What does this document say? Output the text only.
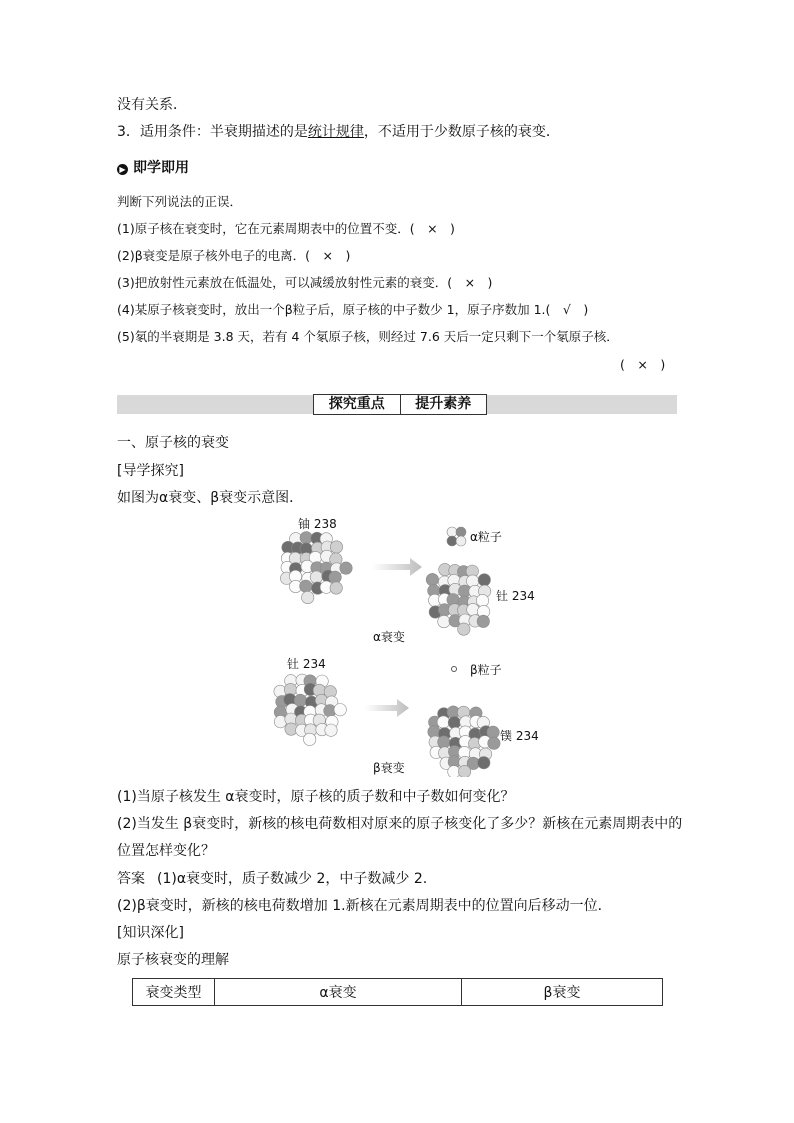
没有关系．
3．适用条件：半衰期描述的是统计规律，不适用于少数原子核的衰变．
▶ 即学即用
判断下列说法的正误．
(1)原子核在衰变时，它在元素周期表中的位置不变．(　×　)
(2)β衰变是原子核外电子的电离．(　×　)
(3)把放射性元素放在低温处，可以减缓放射性元素的衰变．(　×　)
(4)某原子核衰变时，放出一个β粒子后，原子核的中子数少 1，原子序数加 1.(　√　)
(5)氡的半衰期是 3.8 天，若有 4 个氡原子核，则经过 7.6 天后一定只剩下一个氡原子核．
(　×　)
探究重点	提升素养
一、原子核的衰变
[导学探究]
如图为α衰变、β衰变示意图．
铀 238
α粒子
钍 234
α衰变
钍 234	β粒子
镤 234
β衰变
(1)当原子核发生 α衰变时，原子核的质子数和中子数如何变化？
(2)当发生 β衰变时，新核的核电荷数相对原来的原子核变化了多少？新核在元素周期表中的
位置怎样变化？
答案 (1)α衰变时，质子数减少 2，中子数减少 2.
(2)β衰变时，新核的核电荷数增加 1.新核在元素周期表中的位置向后移动一位．
[知识深化]
原子核衰变的理解
衰变类型	α衰变	β衰变
